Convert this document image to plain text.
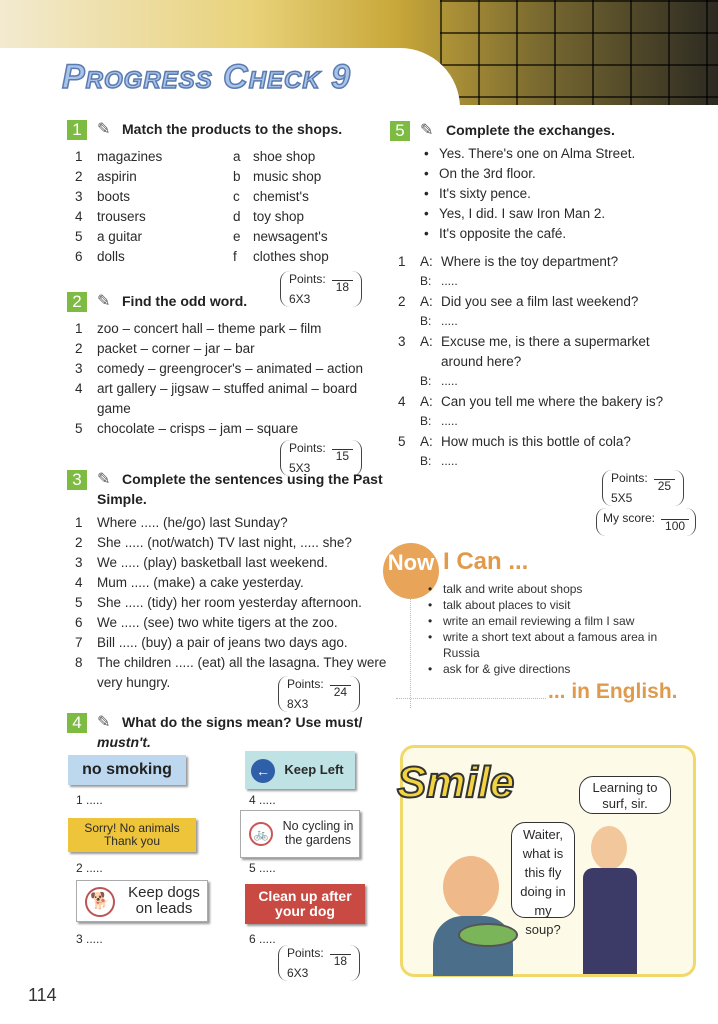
Progress Check 9
1 ✎ Match the products to the shops.
Points:18
6X3
2 ✎ Find the odd word.
Points:15
5X3
3 ✎ Complete the sentences using the Past
Simple.
Points:24
8X3
4 ✎ What do the signs mean? Use must/
mustn't.
no smoking
1 .....
Sorry! No animals Thank you
2 .....
🐕
Keep dogs on leads
3 .....
←	Keep Left
4 .....
🚲
No cycling in the gardens
5 .....
Clean up after your dog
6 .....
Points:18
6X3
5 ✎ Complete the exchanges.
Points:25
5X5
My score:100
Now I Can ...
... in English.
Smile	Learning to surf, sir.
Waiter, what is this fly doing in my soup?
114
1 magazines	a shoe shop
2 aspirin	b music shop
3 boots	c chemist's
4 trousers	d toy shop
5 a guitar	e newsagent's
6 dolls	f clothes shop
1 zoo – concert hall – theme park – film
2 packet – corner – jar – bar
3 comedy – greengrocer's – animated – action
4 art gallery – jigsaw – stuffed animal – board
game
5 chocolate – crisps – jam – square
1 Where ..... (he/go) last Sunday?
2 She ..... (not/watch) TV last night, ..... she?
3 We ..... (play) basketball last weekend.
4 Mum ..... (make) a cake yesterday.
5 She ..... (tidy) her room yesterday afternoon.
6 We ..... (see) two white tigers at the zoo.
7 Bill ..... (buy) a pair of jeans two days ago.
8 The children ..... (eat) all the lasagna. They were
very hungry.
• Yes. There's one on Alma Street.
• On the 3rd floor.
• It's sixty pence.
• Yes, I did. I saw Iron Man 2.
• It's opposite the café.
1 A: Where is the toy department?
B: .....
2 A: Did you see a film last weekend?
B: .....
3 A: Excuse me, is there a supermarket
around here?
B: .....
4 A: Can you tell me where the bakery is?
B: .....
5 A: How much is this bottle of cola?
B: .....
• talk and write about shops
• talk about places to visit
• write an email reviewing a film I saw
• write a short text about a famous area in
Russia
• ask for & give directions
